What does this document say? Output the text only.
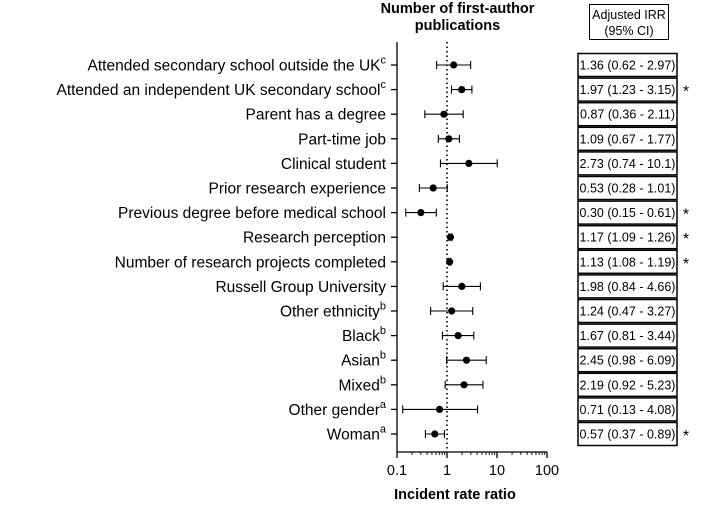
Number of first-author publications
Adjusted IRR
(95% CI)
0.1 1	10 100
Attended secondary school outside the $UK^c$	1.36 (0.62 - 2.97)
Attended an independent UK secondary school$^c$	1.97 (1.23 - 3.15) *
Parent has a degree	0.87 (0.36 - 2.11)
Part-time job	1.09 (0.67 - 1.77)
Clinical student	2.73 (0.74 - 10.1)
Prior research experience	0.53 (0.28 - 1.01)
Previous degree before medical school	0.30 (0.15 - 0.61) *
Research perception	1.17 (1.09 - 1.26) *
Number of research projects completed	1.13 (1.08 - 1.19) *
Russell Group University	1.98 (0.84 - 4.66)
Other ethnicity$^b$	1.24 (0.47 - 3.27)
Black$^b$	1.67 (0.81 - 3.44)
Asian$^b$	2.45 (0.98 - 6.09)
Mixed$^b$	2.19 (0.92 - 5.23)
Other gender$^a$	0.71 (0.13 - 4.08)
Woman$^a$	0.57 (0.37 - 0.89) *
Incident rate ratio
